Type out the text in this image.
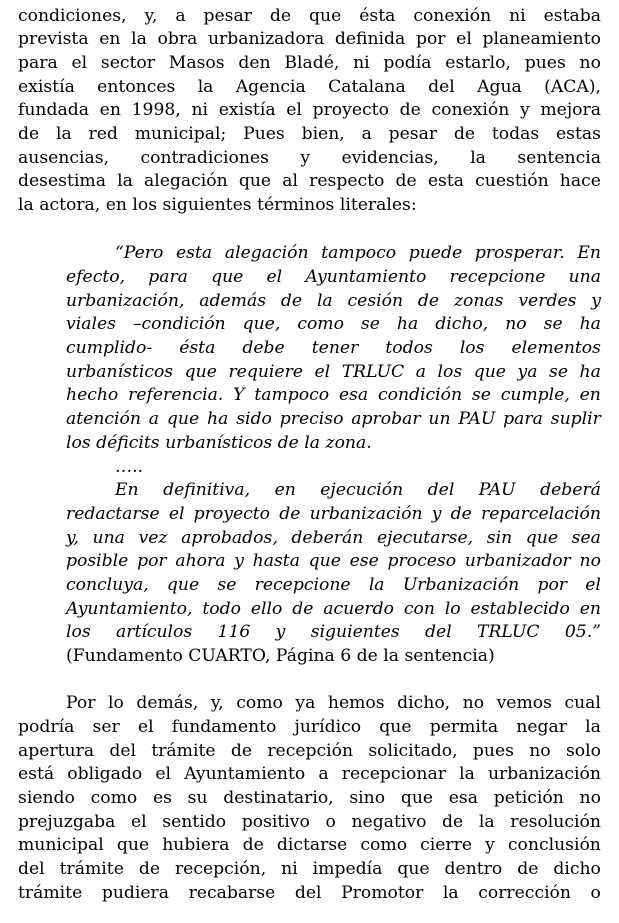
condiciones, y, a pesar de que ésta conexión ni estaba
prevista en la obra urbanizadora definida por el planeamiento
para el sector Masos den Bladé, ni podía estarlo, pues no
existía entonces la Agencia Catalana del Agua (ACA),
fundada en 1998, ni existía el proyecto de conexión y mejora
de la red municipal; Pues bien, a pesar de todas estas
ausencias, contradiciones y evidencias, la sentencia
desestima la alegación que al respecto de esta cuestión hace
la actora, en los siguientes términos literales:
“Pero esta alegación tampoco puede prosperar. En
efecto, para que el Ayuntamiento recepcione una
urbanización, además de la cesión de zonas verdes y
viales –condición que, como se ha dicho, no se ha
cumplido- ésta debe tener todos los elementos
urbanísticos que requiere el TRLUC a los que ya se ha
hecho referencia. Y tampoco esa condición se cumple, en
atención a que ha sido preciso aprobar un PAU para suplir
los déficits urbanísticos de la zona.
…..
En definitiva, en ejecución del PAU deberá
redactarse el proyecto de urbanización y de reparcelación
y, una vez aprobados, deberán ejecutarse, sin que sea
posible por ahora y hasta que ese proceso urbanizador no
concluya, que se recepcione la Urbanización por el
Ayuntamiento, todo ello de acuerdo con lo establecido en
los artículos 116 y siguientes del TRLUC 05.”
(Fundamento CUARTO, Página 6 de la sentencia)
Por lo demás, y, como ya hemos dicho, no vemos cual
podría ser el fundamento jurídico que permita negar la
apertura del trámite de recepción solicitado, pues no solo
está obligado el Ayuntamiento a recepcionar la urbanización
siendo como es su destinatario, sino que esa petición no
prejuzgaba el sentido positivo o negativo de la resolución
municipal que hubiera de dictarse como cierre y conclusión
del trámite de recepción, ni impedía que dentro de dicho
trámite pudiera recabarse del Promotor la corrección o
